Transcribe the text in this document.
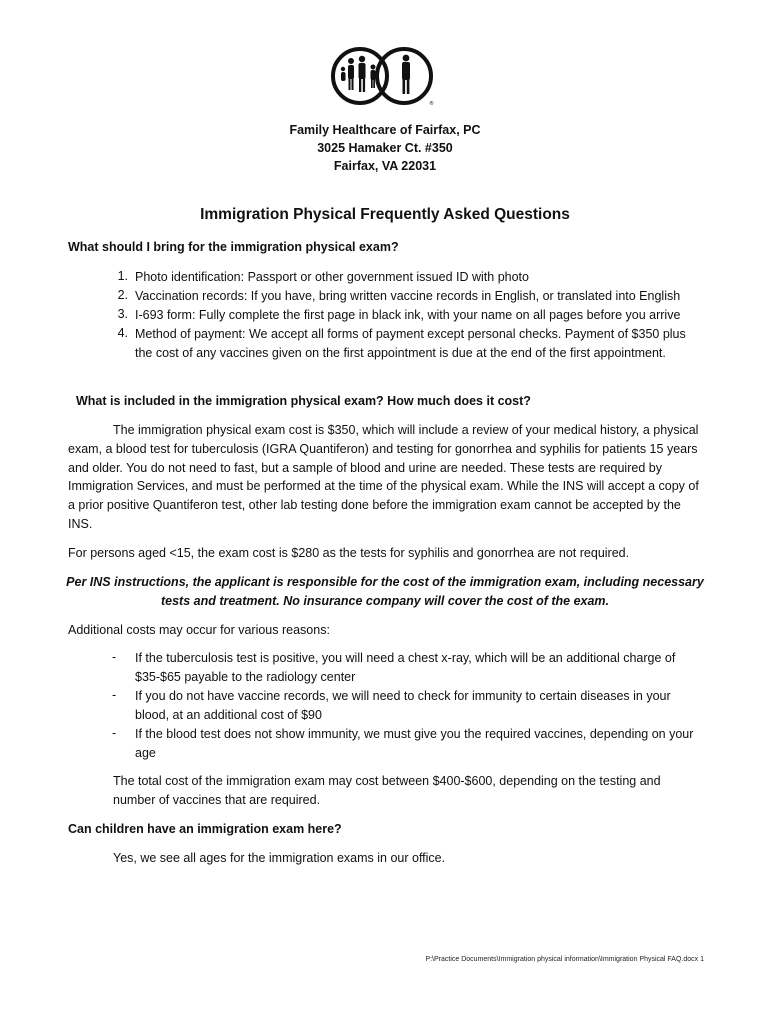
®
Family Healthcare of Fairfax, PC
3025 Hamaker Ct. #350
Fairfax, VA 22031
Immigration Physical Frequently Asked Questions
What should I bring for the immigration physical exam?
1. Photo identification: Passport or other government issued ID with photo
2. Vaccination records: If you have, bring written vaccine records in English, or translated into English
3. I-693 form: Fully complete the first page in black ink, with your name on all pages before you arrive
4. Method of payment: We accept all forms of payment except personal checks. Payment of $350 plus the cost of any vaccines given on the first appointment is due at the end of the first appointment.
What is included in the immigration physical exam? How much does it cost?
The immigration physical exam cost is $350, which will include a review of your medical history, a physical exam, a blood test for tuberculosis (IGRA Quantiferon) and testing for gonorrhea and syphilis for patients 15 years and older. You do not need to fast, but a sample of blood and urine are needed. These tests are required by Immigration Services, and must be performed at the time of the physical exam. While the INS will accept a copy of a prior positive Quantiferon test, other lab testing done before the immigration exam cannot be accepted by the INS.
For persons aged <15, the exam cost is $280 as the tests for syphilis and gonorrhea are not required.
Per INS instructions, the applicant is responsible for the cost of the immigration exam, including necessary tests and treatment. No insurance company will cover the cost of the exam.
Additional costs may occur for various reasons:
- If the tuberculosis test is positive, you will need a chest x-ray, which will be an additional charge of $35-$65 payable to the radiology center
- If you do not have vaccine records, we will need to check for immunity to certain diseases in your blood, at an additional cost of $90
- If the blood test does not show immunity, we must give you the required vaccines, depending on your age
The total cost of the immigration exam may cost between $400-$600, depending on the testing and number of vaccines that are required.
Can children have an immigration exam here?
Yes, we see all ages for the immigration exams in our office.
P:\Practice Documents\Immigration physical information\Immigration Physical FAQ.docx 1
